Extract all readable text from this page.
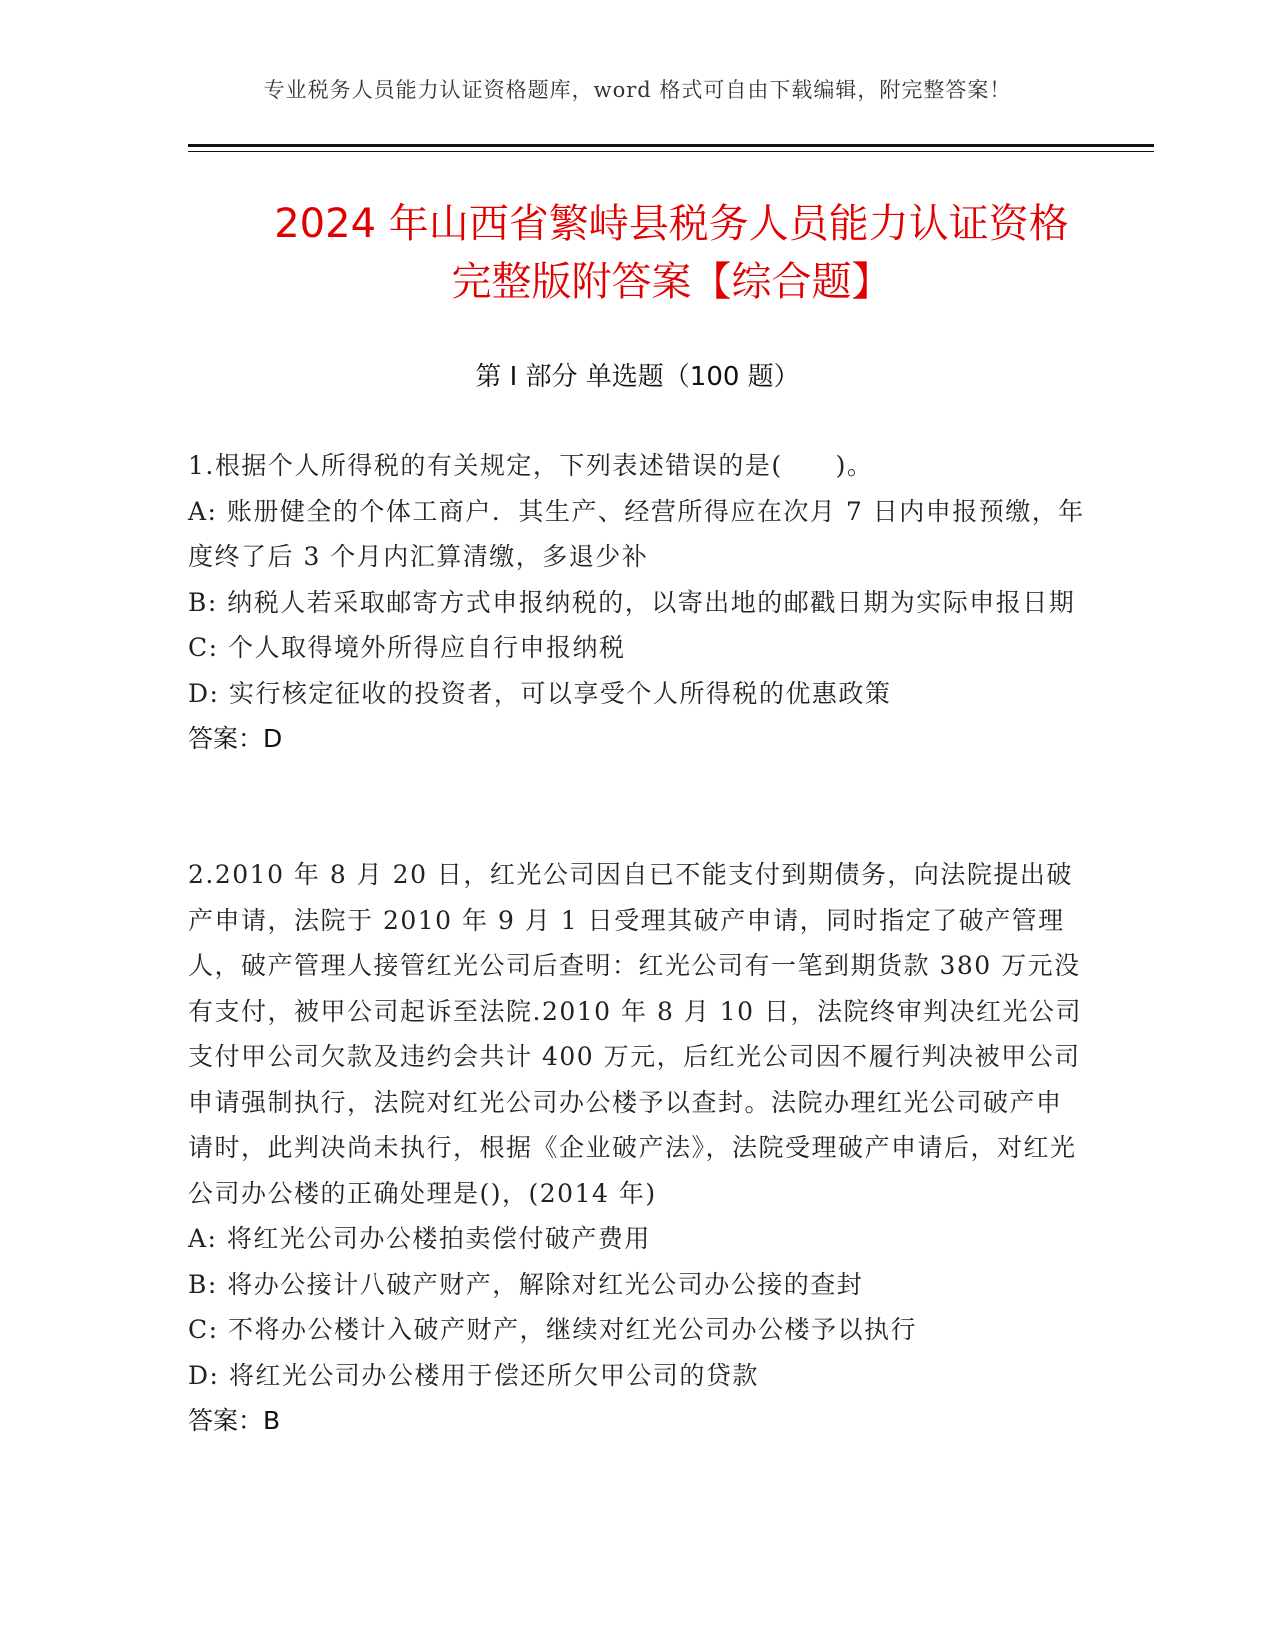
专业税务人员能力认证资格题库，word 格式可自由下载编辑，附完整答案！
2024 年山西省繁峙县税务人员能力认证资格
完整版附答案【综合题】
第 I 部分 单选题（100 题）

1.根据个人所得税的有关规定，下列表述错误的是(　　)。

A: 账册健全的个体工商户．其生产、经营所得应在次月 7 日内申报预缴，年度终了后 3 个月内汇算清缴，多退少补

B: 纳税人若采取邮寄方式申报纳税的，以寄出地的邮戳日期为实际申报日期

C: 个人取得境外所得应自行申报纳税

D: 实行核定征收的投资者，可以享受个人所得税的优惠政策

答案：D

2.2010 年 8 月 20 日，红光公司因自已不能支付到期债务，向法院提出破产申请，法院于 2010 年 9 月 1 日受理其破产申请，同时指定了破产管理人，破产管理人接管红光公司后查明：红光公司有一笔到期货款 380 万元没有支付，被甲公司起诉至法院.2010 年 8 月 10 日，法院终审判决红光公司支付甲公司欠款及违约会共计 400 万元，后红光公司因不履行判决被甲公司申请强制执行，法院对红光公司办公楼予以查封。法院办理红光公司破产申请时，此判决尚未执行，根据《企业破产法》，法院受理破产申请后，对红光公司办公楼的正确处理是()，(2014 年)

A: 将红光公司办公楼拍卖偿付破产费用

B: 将办公接计八破产财产，解除对红光公司办公接的查封

C: 不将办公楼计入破产财产，继续对红光公司办公楼予以执行

D: 将红光公司办公楼用于偿还所欠甲公司的贷款

答案：B
